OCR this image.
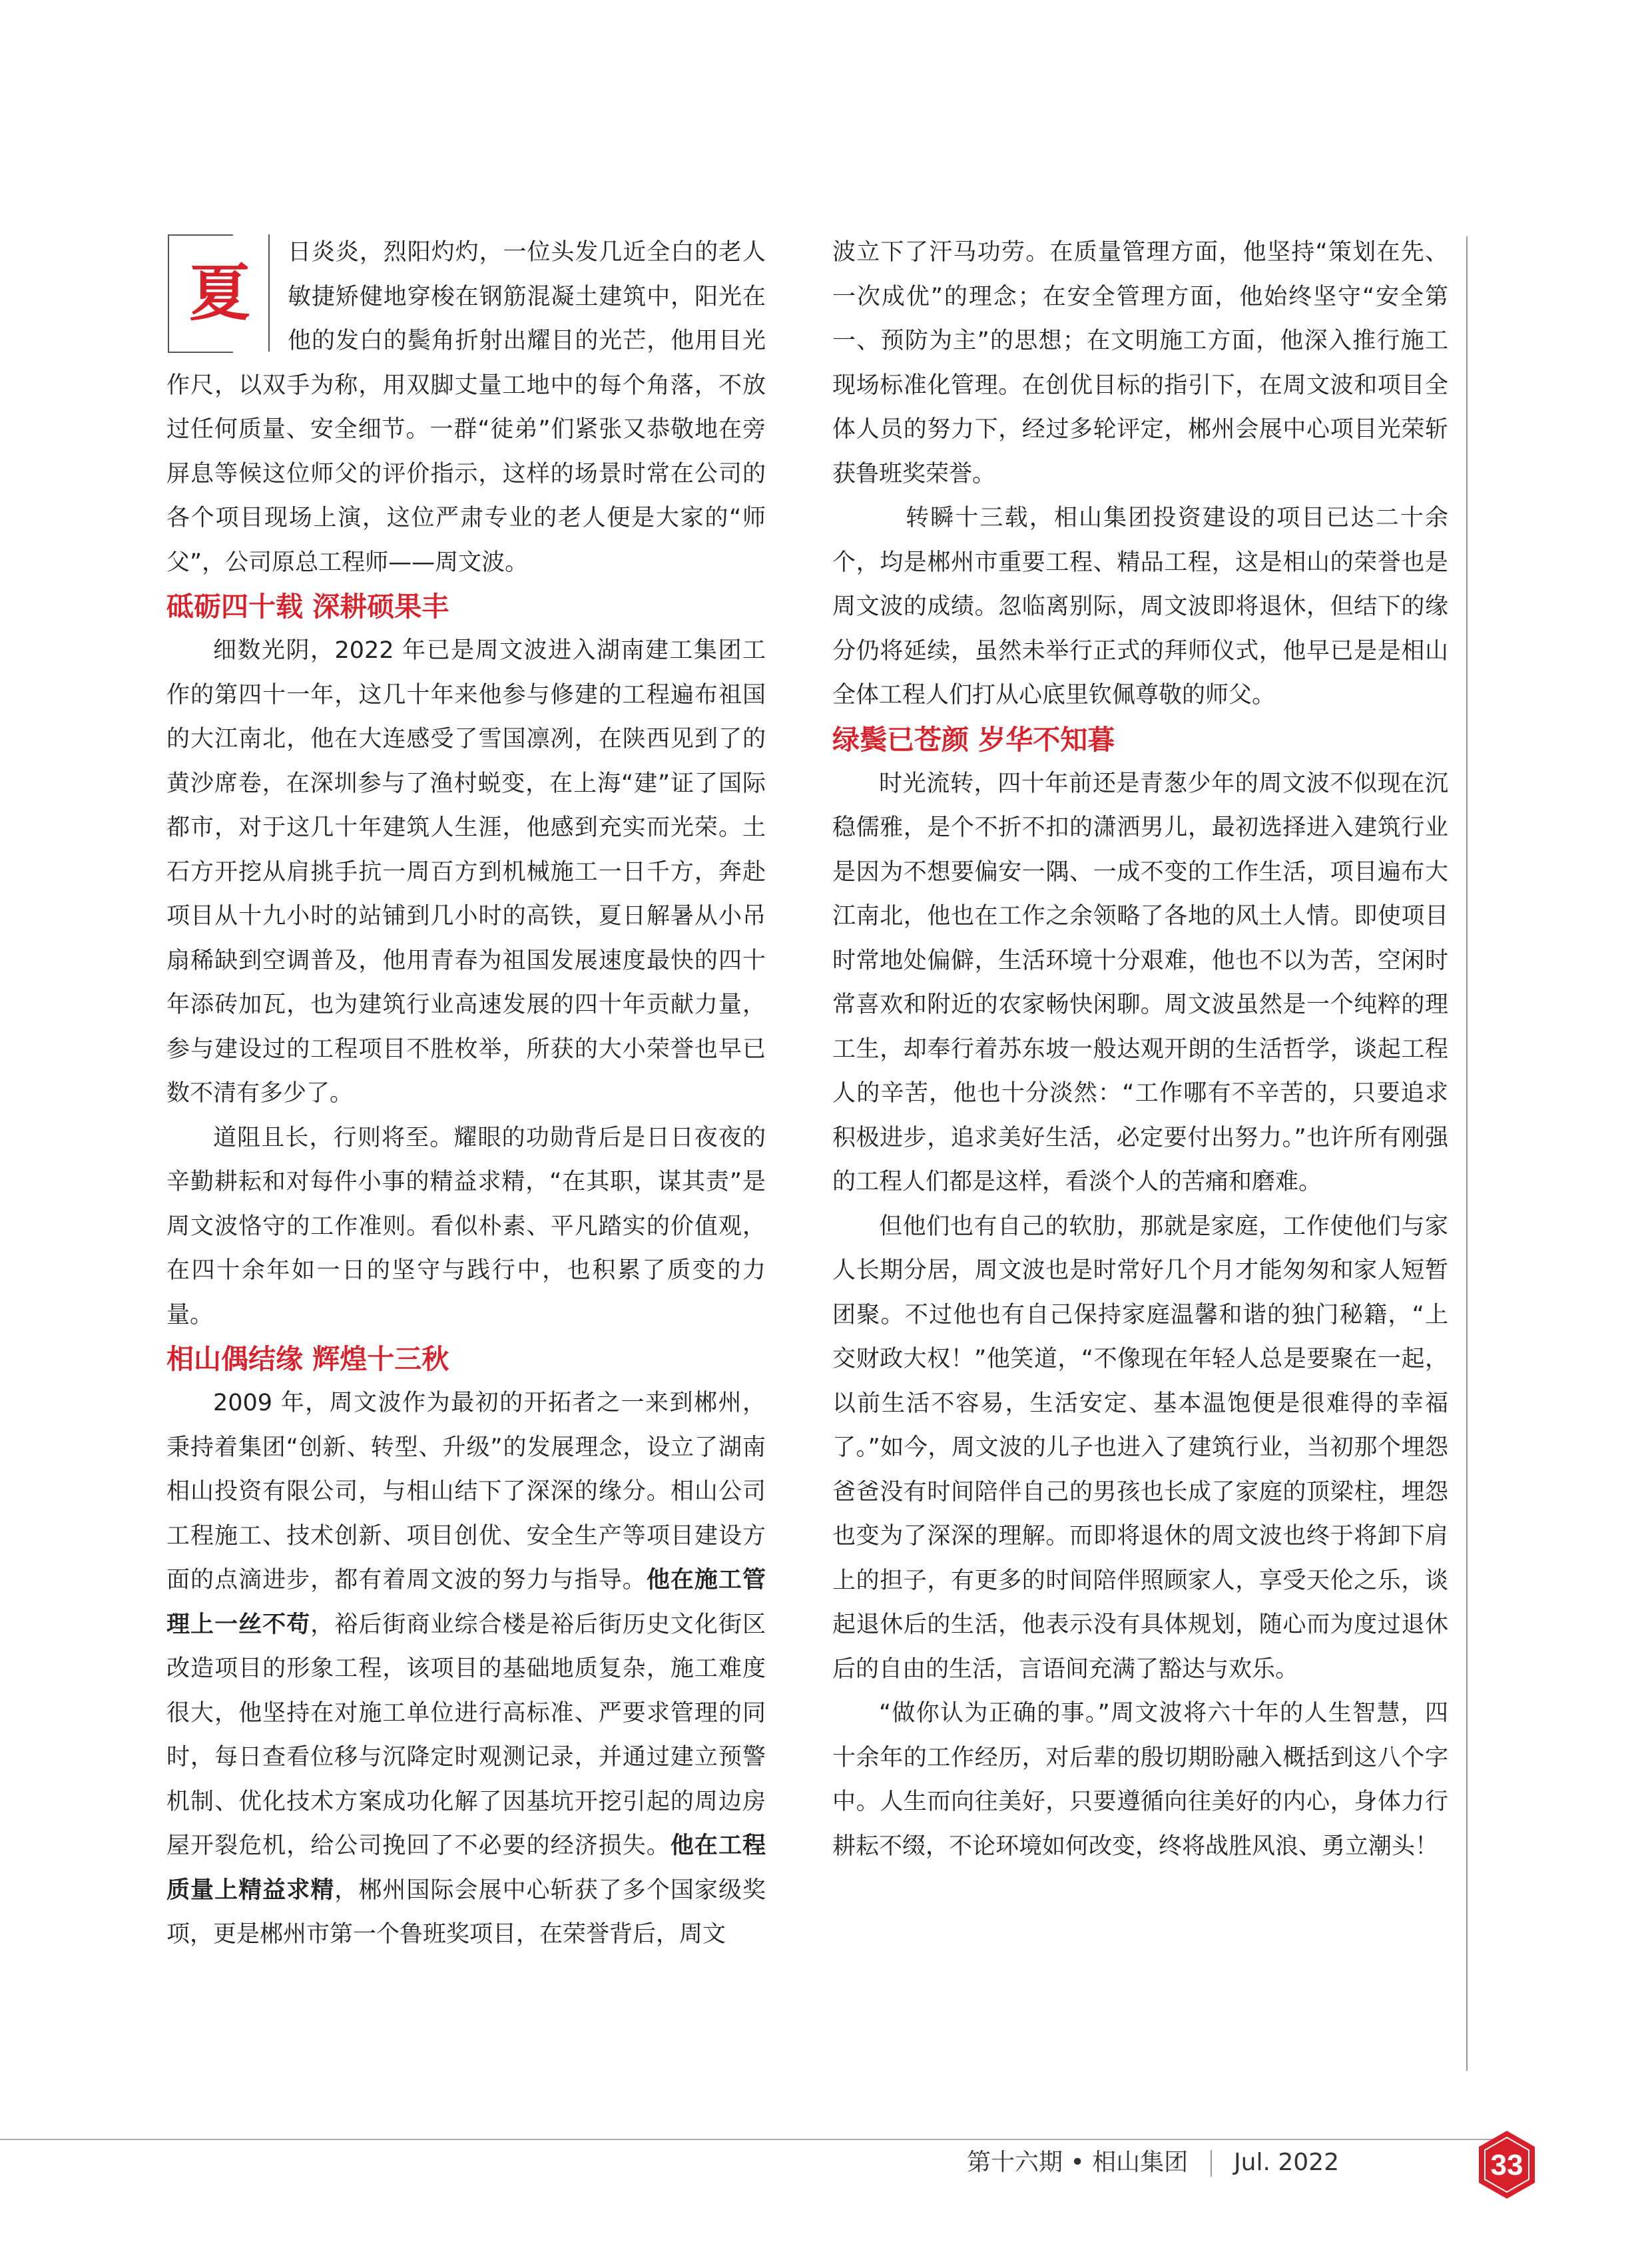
夏
日炎炎，烈阳灼灼，一位头发几近全白的老人敏捷矫健地穿梭在钢筋混凝土建筑中，阳光在他的发白的鬓角折射出耀目的光芒，他用目光作尺，以双手为称，用双脚丈量工地中的每个角落，不放过任何质量、安全细节。一群“徒弟”们紧张又恭敬地在旁屏息等候这位师父的评价指示，这样的场景时常在公司的各个项目现场上演，这位严肃专业的老人便是大家的“师父”，公司原总工程师——周文波。

砥砺四十载 深耕硕果丰

细数光阴，2022 年已是周文波进入湖南建工集团工作的第四十一年，这几十年来他参与修建的工程遍布祖国的大江南北，他在大连感受了雪国凛冽，在陕西见到了的黄沙席卷，在深圳参与了渔村蜕变，在上海“建”证了国际都市，对于这几十年建筑人生涯，他感到充实而光荣。土石方开挖从肩挑手抗一周百方到机械施工一日千方，奔赴项目从十九小时的站铺到几小时的高铁，夏日解暑从小吊扇稀缺到空调普及，他用青春为祖国发展速度最快的四十年添砖加瓦，也为建筑行业高速发展的四十年贡献力量，参与建设过的工程项目不胜枚举，所获的大小荣誉也早已数不清有多少了。

道阻且长，行则将至。耀眼的功勋背后是日日夜夜的辛勤耕耘和对每件小事的精益求精，“在其职，谋其责”是周文波恪守的工作准则。看似朴素、平凡踏实的价值观，在四十余年如一日的坚守与践行中，也积累了质变的力量。

相山偶结缘 辉煌十三秋

2009 年，周文波作为最初的开拓者之一来到郴州，秉持着集团“创新、转型、升级”的发展理念，设立了湖南相山投资有限公司，与相山结下了深深的缘分。相山公司工程施工、技术创新、项目创优、安全生产等项目建设方面的点滴进步，都有着周文波的努力与指导。他在施工管理上一丝不苟，裕后街商业综合楼是裕后街历史文化街区改造项目的形象工程，该项目的基础地质复杂，施工难度很大，他坚持在对施工单位进行高标准、严要求管理的同时，每日查看位移与沉降定时观测记录，并通过建立预警机制、优化技术方案成功化解了因基坑开挖引起的周边房屋开裂危机，给公司挽回了不必要的经济损失。他在工程质量上精益求精，郴州国际会展中心斩获了多个国家级奖项，更是郴州市第一个鲁班奖项目，在荣誉背后，周文

波立下了汗马功劳。在质量管理方面，他坚持“策划在先、一次成优”的理念；在安全管理方面，他始终坚守“安全第一、预防为主”的思想；在文明施工方面，他深入推行施工现场标准化管理。在创优目标的指引下，在周文波和项目全体人员的努力下，经过多轮评定，郴州会展中心项目光荣斩获鲁班奖荣誉。

转瞬十三载，相山集团投资建设的项目已达二十余个，均是郴州市重要工程、精品工程，这是相山的荣誉也是周文波的成绩。忽临离别际，周文波即将退休，但结下的缘分仍将延续，虽然未举行正式的拜师仪式，他早已是是相山全体工程人们打从心底里钦佩尊敬的师父。

绿鬓已苍颜 岁华不知暮

时光流转，四十年前还是青葱少年的周文波不似现在沉稳儒雅，是个不折不扣的潇洒男儿，最初选择进入建筑行业是因为不想要偏安一隅、一成不变的工作生活，项目遍布大江南北，他也在工作之余领略了各地的风土人情。即使项目时常地处偏僻，生活环境十分艰难，他也不以为苦，空闲时常喜欢和附近的农家畅快闲聊。周文波虽然是一个纯粹的理工生，却奉行着苏东坡一般达观开朗的生活哲学，谈起工程人的辛苦，他也十分淡然：“工作哪有不辛苦的，只要追求积极进步，追求美好生活，必定要付出努力。”也许所有刚强的工程人们都是这样，看淡个人的苦痛和磨难。

但他们也有自己的软肋，那就是家庭，工作使他们与家人长期分居，周文波也是时常好几个月才能匆匆和家人短暂团聚。不过他也有自己保持家庭温馨和谐的独门秘籍，“上交财政大权！”他笑道，“不像现在年轻人总是要聚在一起，以前生活不容易，生活安定、基本温饱便是很难得的幸福了。”如今，周文波的儿子也进入了建筑行业，当初那个埋怨爸爸没有时间陪伴自己的男孩也长成了家庭的顶梁柱，埋怨也变为了深深的理解。而即将退休的周文波也终于将卸下肩上的担子，有更多的时间陪伴照顾家人，享受天伦之乐，谈起退休后的生活，他表示没有具体规划，随心而为度过退休后的自由的生活，言语间充满了豁达与欢乐。

“做你认为正确的事。”周文波将六十年的人生智慧，四十余年的工作经历，对后辈的殷切期盼融入概括到这八个字中。人生而向往美好，只要遵循向往美好的内心，身体力行耕耘不缀，不论环境如何改变，终将战胜风浪、勇立潮头！

第十六期 • 相山集团 Jul. 2022	33
